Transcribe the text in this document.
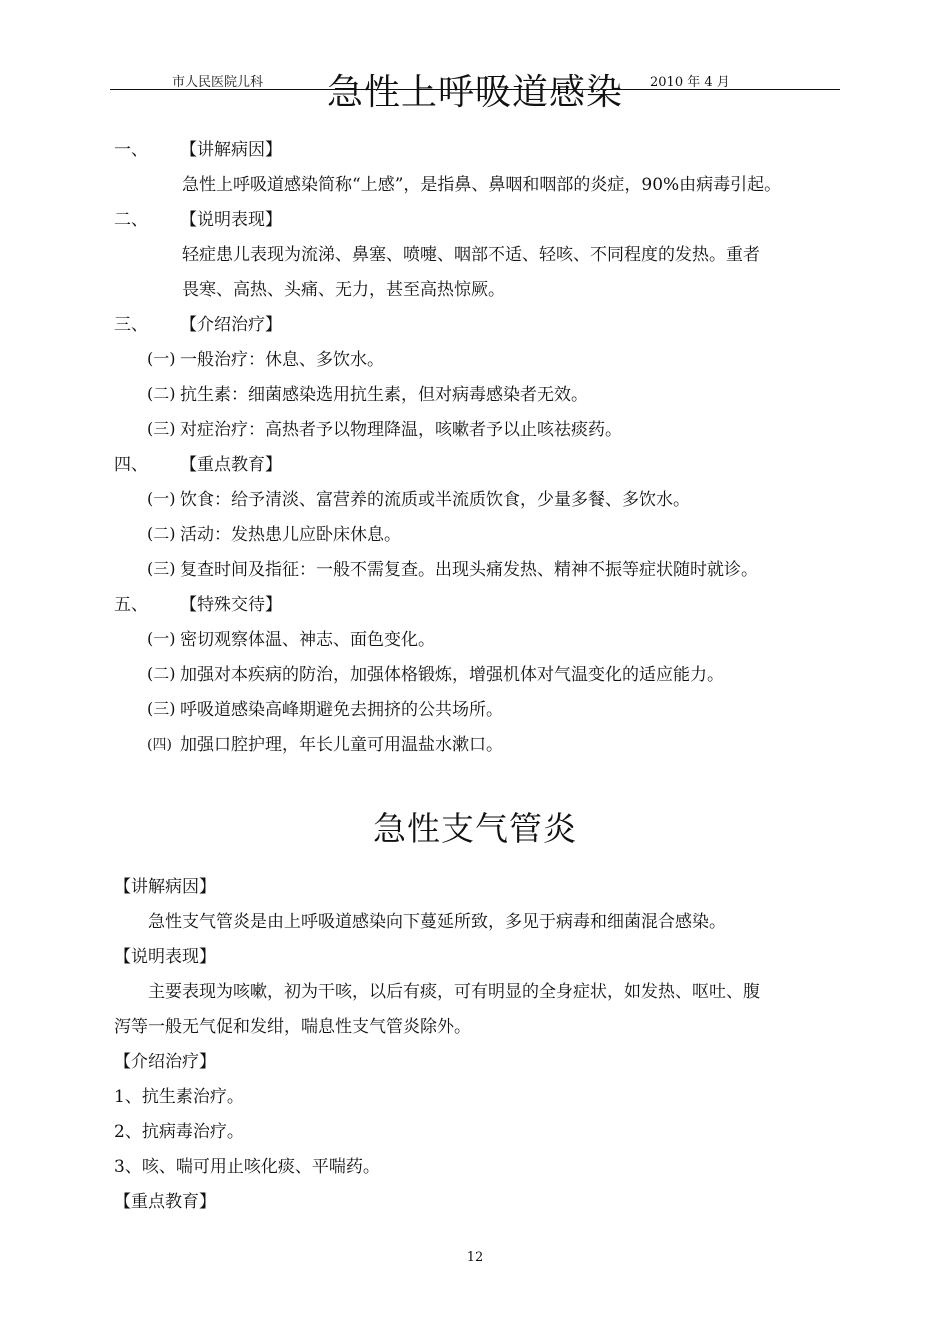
市人民医院儿科	2010 年 4 月
急性上呼吸道感染
一、 【讲解病因】
急性上呼吸道感染简称“上感”，是指鼻、鼻咽和咽部的炎症，90%由病毒引起。
二、 【说明表现】
轻症患儿表现为流涕、鼻塞、喷嚏、咽部不适、轻咳、不同程度的发热。重者
畏寒、高热、头痛、无力，甚至高热惊厥。
三、 【介绍治疗】
(一) 一般治疗：休息、多饮水。
(二) 抗生素：细菌感染选用抗生素，但对病毒感染者无效。
(三) 对症治疗：高热者予以物理降温，咳嗽者予以止咳祛痰药。
四、 【重点教育】
(一) 饮食：给予清淡、富营养的流质或半流质饮食，少量多餐、多饮水。
(二) 活动：发热患儿应卧床休息。
(三) 复查时间及指征：一般不需复查。出现头痛发热、精神不振等症状随时就诊。
五、 【特殊交待】
(一) 密切观察体温、神志、面色变化。
(二) 加强对本疾病的防治，加强体格锻炼，增强机体对气温变化的适应能力。
(三) 呼吸道感染高峰期避免去拥挤的公共场所。
(四) 加强口腔护理，年长儿童可用温盐水漱口。
急性支气管炎
【讲解病因】
急性支气管炎是由上呼吸道感染向下蔓延所致，多见于病毒和细菌混合感染。
【说明表现】
主要表现为咳嗽，初为干咳，以后有痰，可有明显的全身症状，如发热、呕吐、腹
泻等一般无气促和发绀，喘息性支气管炎除外。
【介绍治疗】
1、抗生素治疗。
2、抗病毒治疗。
3、咳、喘可用止咳化痰、平喘药。
【重点教育】
12
